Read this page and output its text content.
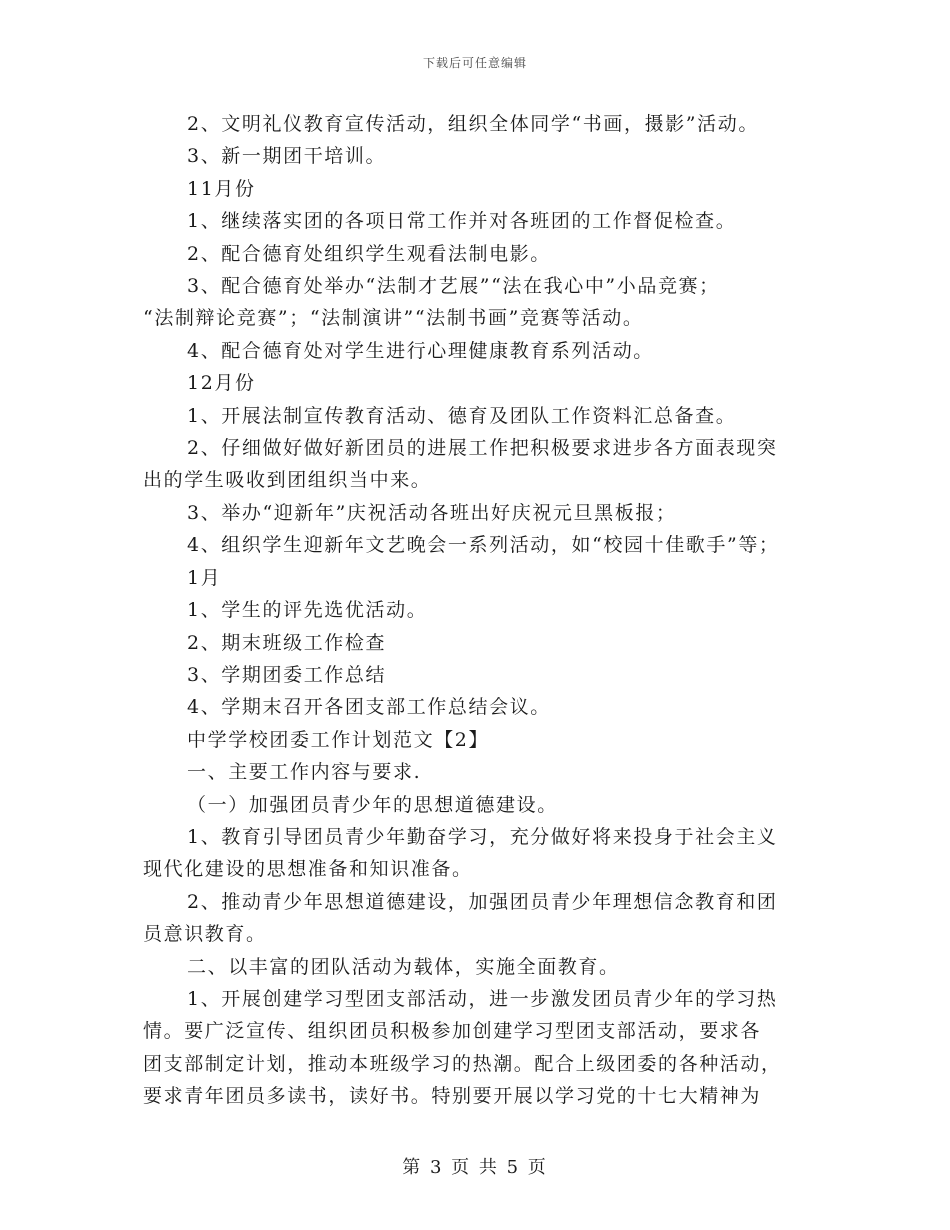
下载后可任意编辑

2、文明礼仪教育宣传活动，组织全体同学“书画，摄影”活动。

3、新一期团干培训。

11月份

1、继续落实团的各项日常工作并对各班团的工作督促检查。

2、配合德育处组织学生观看法制电影。

3、配合德育处举办“法制才艺展”“法在我心中”小品竞赛；

“法制辩论竞赛”；“法制演讲”“法制书画”竞赛等活动。

4、配合德育处对学生进行心理健康教育系列活动。

12月份

1、开展法制宣传教育活动、德育及团队工作资料汇总备查。

2、仔细做好做好新团员的进展工作把积极要求进步各方面表现突

出的学生吸收到团组织当中来。

3、举办“迎新年”庆祝活动各班出好庆祝元旦黑板报；

4、组织学生迎新年文艺晚会一系列活动，如“校园十佳歌手”等；

1月

1、学生的评先选优活动。

2、期末班级工作检查

3、学期团委工作总结

4、学期末召开各团支部工作总结会议。

中学学校团委工作计划范文【2】

一、主要工作内容与要求.

（一）加强团员青少年的思想道德建设。

1、教育引导团员青少年勤奋学习，充分做好将来投身于社会主义

现代化建设的思想准备和知识准备。

2、推动青少年思想道德建设，加强团员青少年理想信念教育和团

员意识教育。

二、以丰富的团队活动为载体，实施全面教育。

1、开展创建学习型团支部活动，进一步激发团员青少年的学习热

情。要广泛宣传、组织团员积极参加创建学习型团支部活动，要求各

团支部制定计划，推动本班级学习的热潮。配合上级团委的各种活动，

要求青年团员多读书，读好书。特别要开展以学习党的十七大精神为

第 3 页 共 5 页
